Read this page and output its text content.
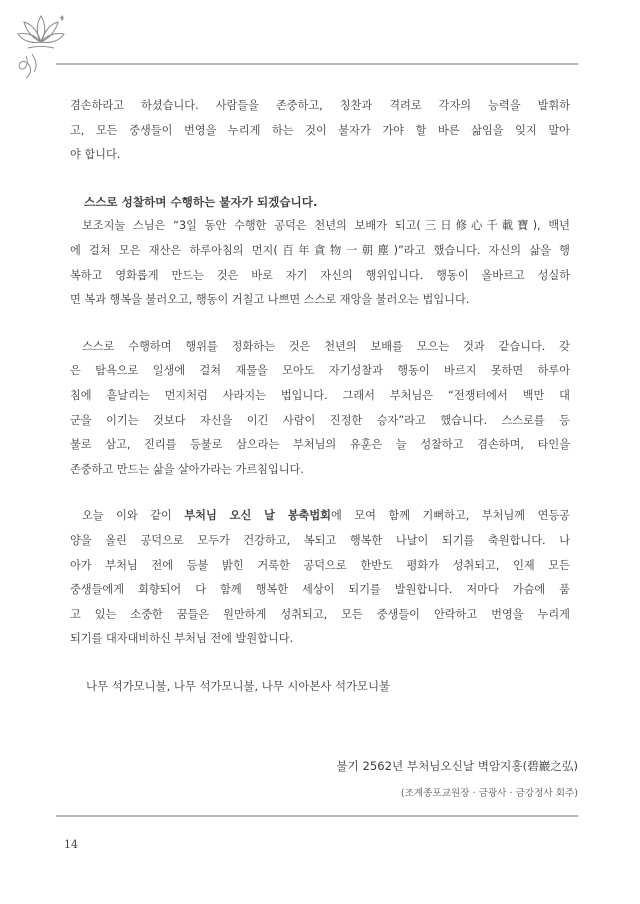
겸손하라고 하셨습니다. 사람들을 존중하고, 칭찬과 격려로 각자의 능력을 발휘하
고, 모든 중생들이 번영을 누리게 하는 것이 불자가 가야 할 바른 삶임을 잊지 말아
야 합니다.
스스로 성찰하며 수행하는 불자가 되겠습니다.
보조지눌 스님은 “3일 동안 수행한 공덕은 천년의 보배가 되고(三日修心千載寶), 백년
에 걸쳐 모은 재산은 하루아침의 먼지(百年貪物一朝塵)”라고 했습니다. 자신의 삶을 행
복하고 영화롭게 만드는 것은 바로 자기 자신의 행위입니다. 행동이 올바르고 성실하
면 복과 행복을 불러오고, 행동이 거칠고 나쁘면 스스로 재앙을 불러오는 법입니다.
스스로 수행하며 행위를 정화하는 것은 천년의 보배를 모으는 것과 같습니다. 갖
은 탐욕으로 일생에 걸쳐 재물을 모아도 자기성찰과 행동이 바르지 못하면 하루아
침에 흩날리는 먼지처럼 사라지는 법입니다. 그래서 부처님은 “전쟁터에서 백만 대
군을 이기는 것보다 자신을 이긴 사람이 진정한 승자”라고 했습니다. 스스로를 등
불로 삼고, 진리를 등불로 삼으라는 부처님의 유훈은 늘 성찰하고 겸손하며, 타인을
존중하고 만드는 삶을 살아가라는 가르침입니다.
오늘 이와 같이 부처님 오신 날 봉축법회에 모여 함께 기뻐하고, 부처님께 연등공
양을 올린 공덕으로 모두가 건강하고, 복되고 행복한 나날이 되기를 축원합니다. 나
아가 부처님 전에 등불 밝힌 거룩한 공덕으로 한반도 평화가 성취되고, 인제 모든
중생들에게 회향되어 다 함께 행복한 세상이 되기를 발원합니다. 저마다 가슴에 품
고 있는 소중한 꿈들은 원만하게 성취되고, 모든 중생들이 안락하고 번영을 누리게
되기를 대자대비하신 부처님 전에 발원합니다.
나무 석가모니불, 나무 석가모니불, 나무 시아본사 석가모니불
불기 2562년 부처님오신날 벽암지홍(碧巖之弘)
(조계종포교원장 · 금광사 · 금강정사 회주)
14
